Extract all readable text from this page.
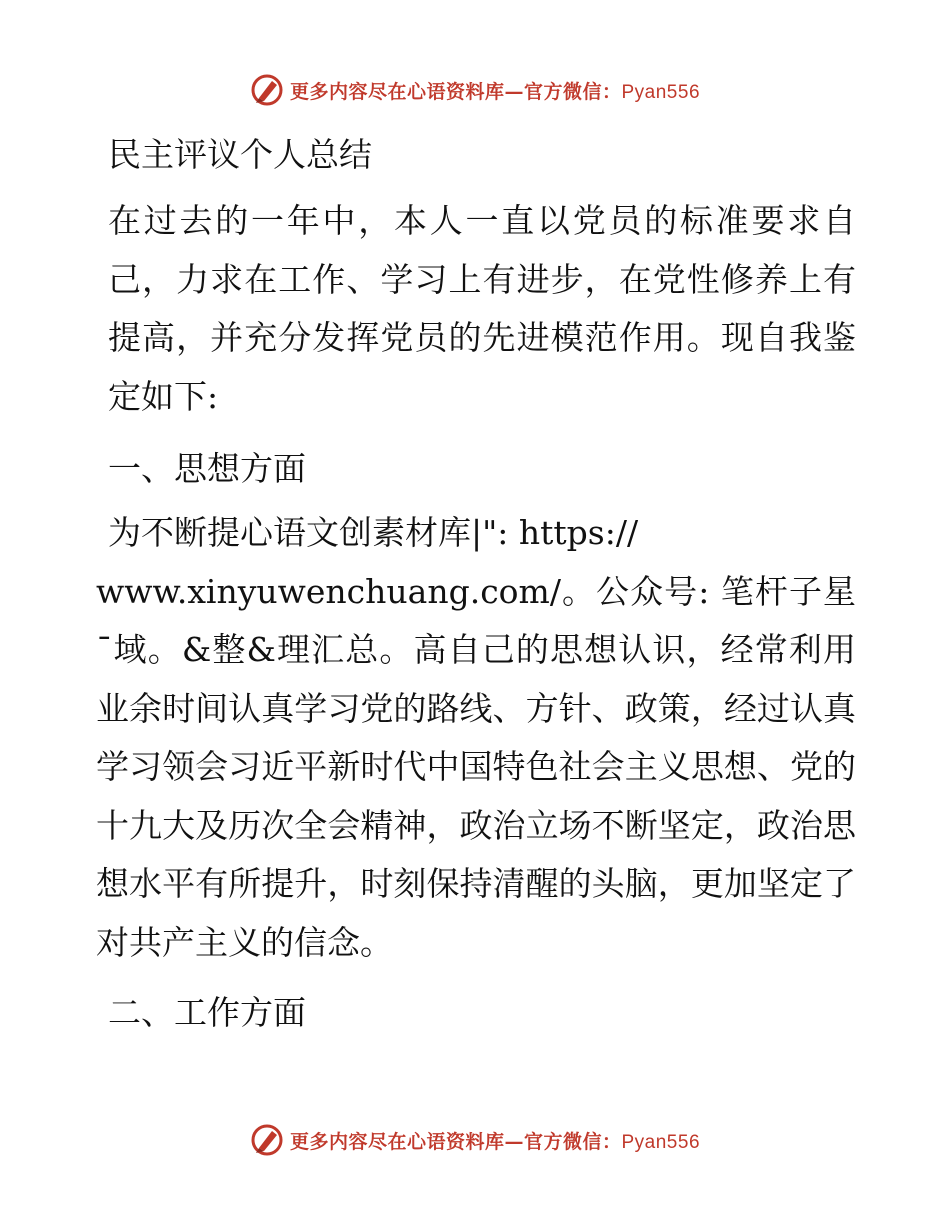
更多内容尽在心语资料库—官方微信：Pyan556
民主评议个人总结

在过去的一年中，本人一直以党员的标准要求自己，力求在工作、学习上有进步，在党性修养上有提高，并充分发挥党员的先进模范作用。现自我鉴定如下:

一、思想方面

为不断提心语文创素材库|": https://

www.xinyuwenchuang.com/。公众号: 笔杆子星¯域。&整&理汇总。高自己的思想认识，经常利用业余时间认真学习党的路线、方针、政策，经过认真学习领会习近平新时代中国特色社会主义思想、党的十九大及历次全会精神，政治立场不断坚定，政治思想水平有所提升，时刻保持清醒的头脑，更加坚定了对共产主义的信念。

二、工作方面
更多内容尽在心语资料库—官方微信：Pyan556
